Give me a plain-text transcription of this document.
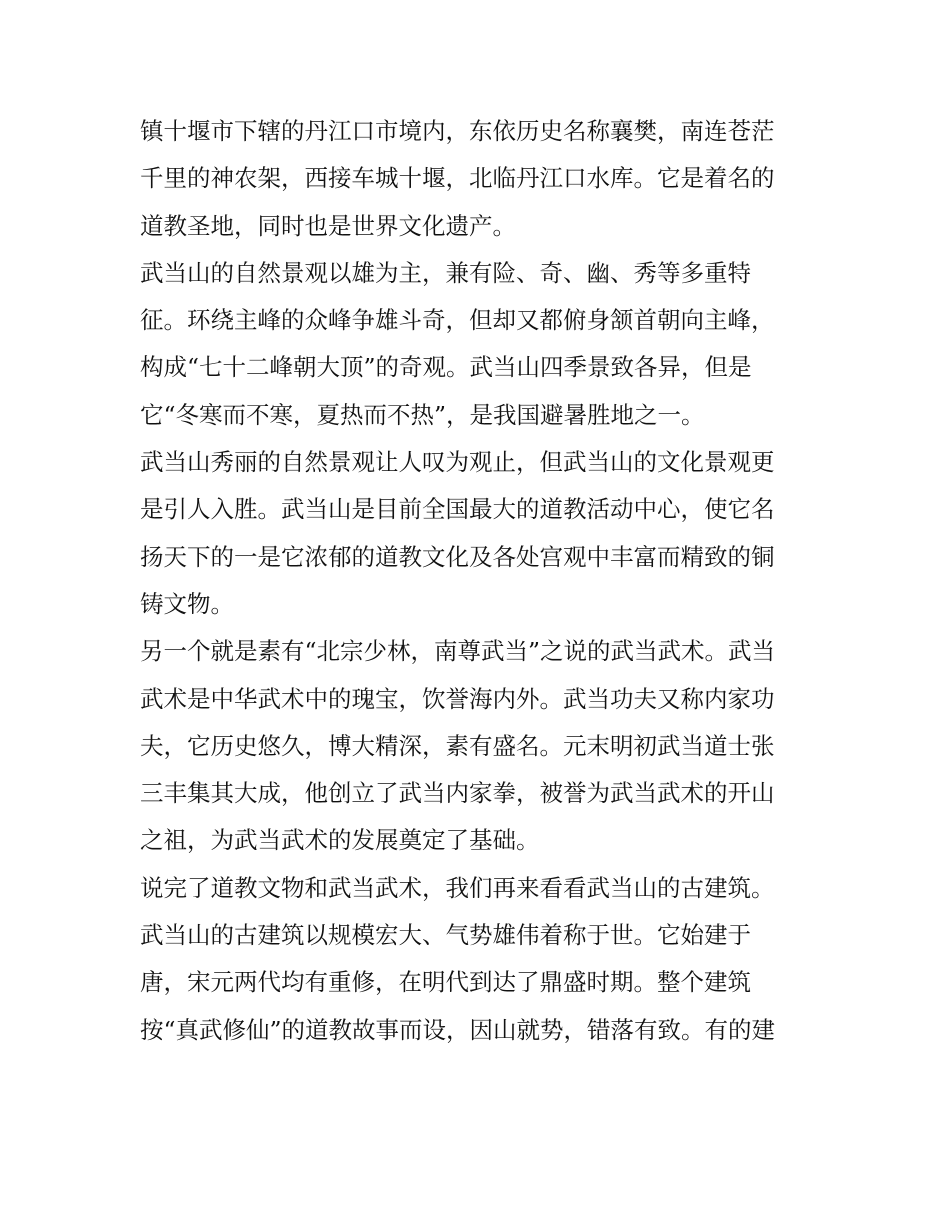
镇十堰市下辖的丹江口市境内，东依历史名称襄樊，南连苍茫
千里的神农架，西接车城十堰，北临丹江口水库。它是着名的
道教圣地，同时也是世界文化遗产。
武当山的自然景观以雄为主，兼有险、奇、幽、秀等多重特
征。环绕主峰的众峰争雄斗奇，但却又都俯身颔首朝向主峰，
构成“七十二峰朝大顶”的奇观。武当山四季景致各异，但是
它“冬寒而不寒，夏热而不热”，是我国避暑胜地之一。
武当山秀丽的自然景观让人叹为观止，但武当山的文化景观更
是引人入胜。武当山是目前全国最大的道教活动中心，使它名
扬天下的一是它浓郁的道教文化及各处宫观中丰富而精致的铜
铸文物。
另一个就是素有“北宗少林，南尊武当”之说的武当武术。武当
武术是中华武术中的瑰宝，饮誉海内外。武当功夫又称内家功
夫，它历史悠久，博大精深，素有盛名。元末明初武当道士张
三丰集其大成，他创立了武当内家拳，被誉为武当武术的开山
之祖，为武当武术的发展奠定了基础。
说完了道教文物和武当武术，我们再来看看武当山的古建筑。
武当山的古建筑以规模宏大、气势雄伟着称于世。它始建于
唐，宋元两代均有重修，在明代到达了鼎盛时期。整个建筑
按“真武修仙”的道教故事而设，因山就势，错落有致。有的建
